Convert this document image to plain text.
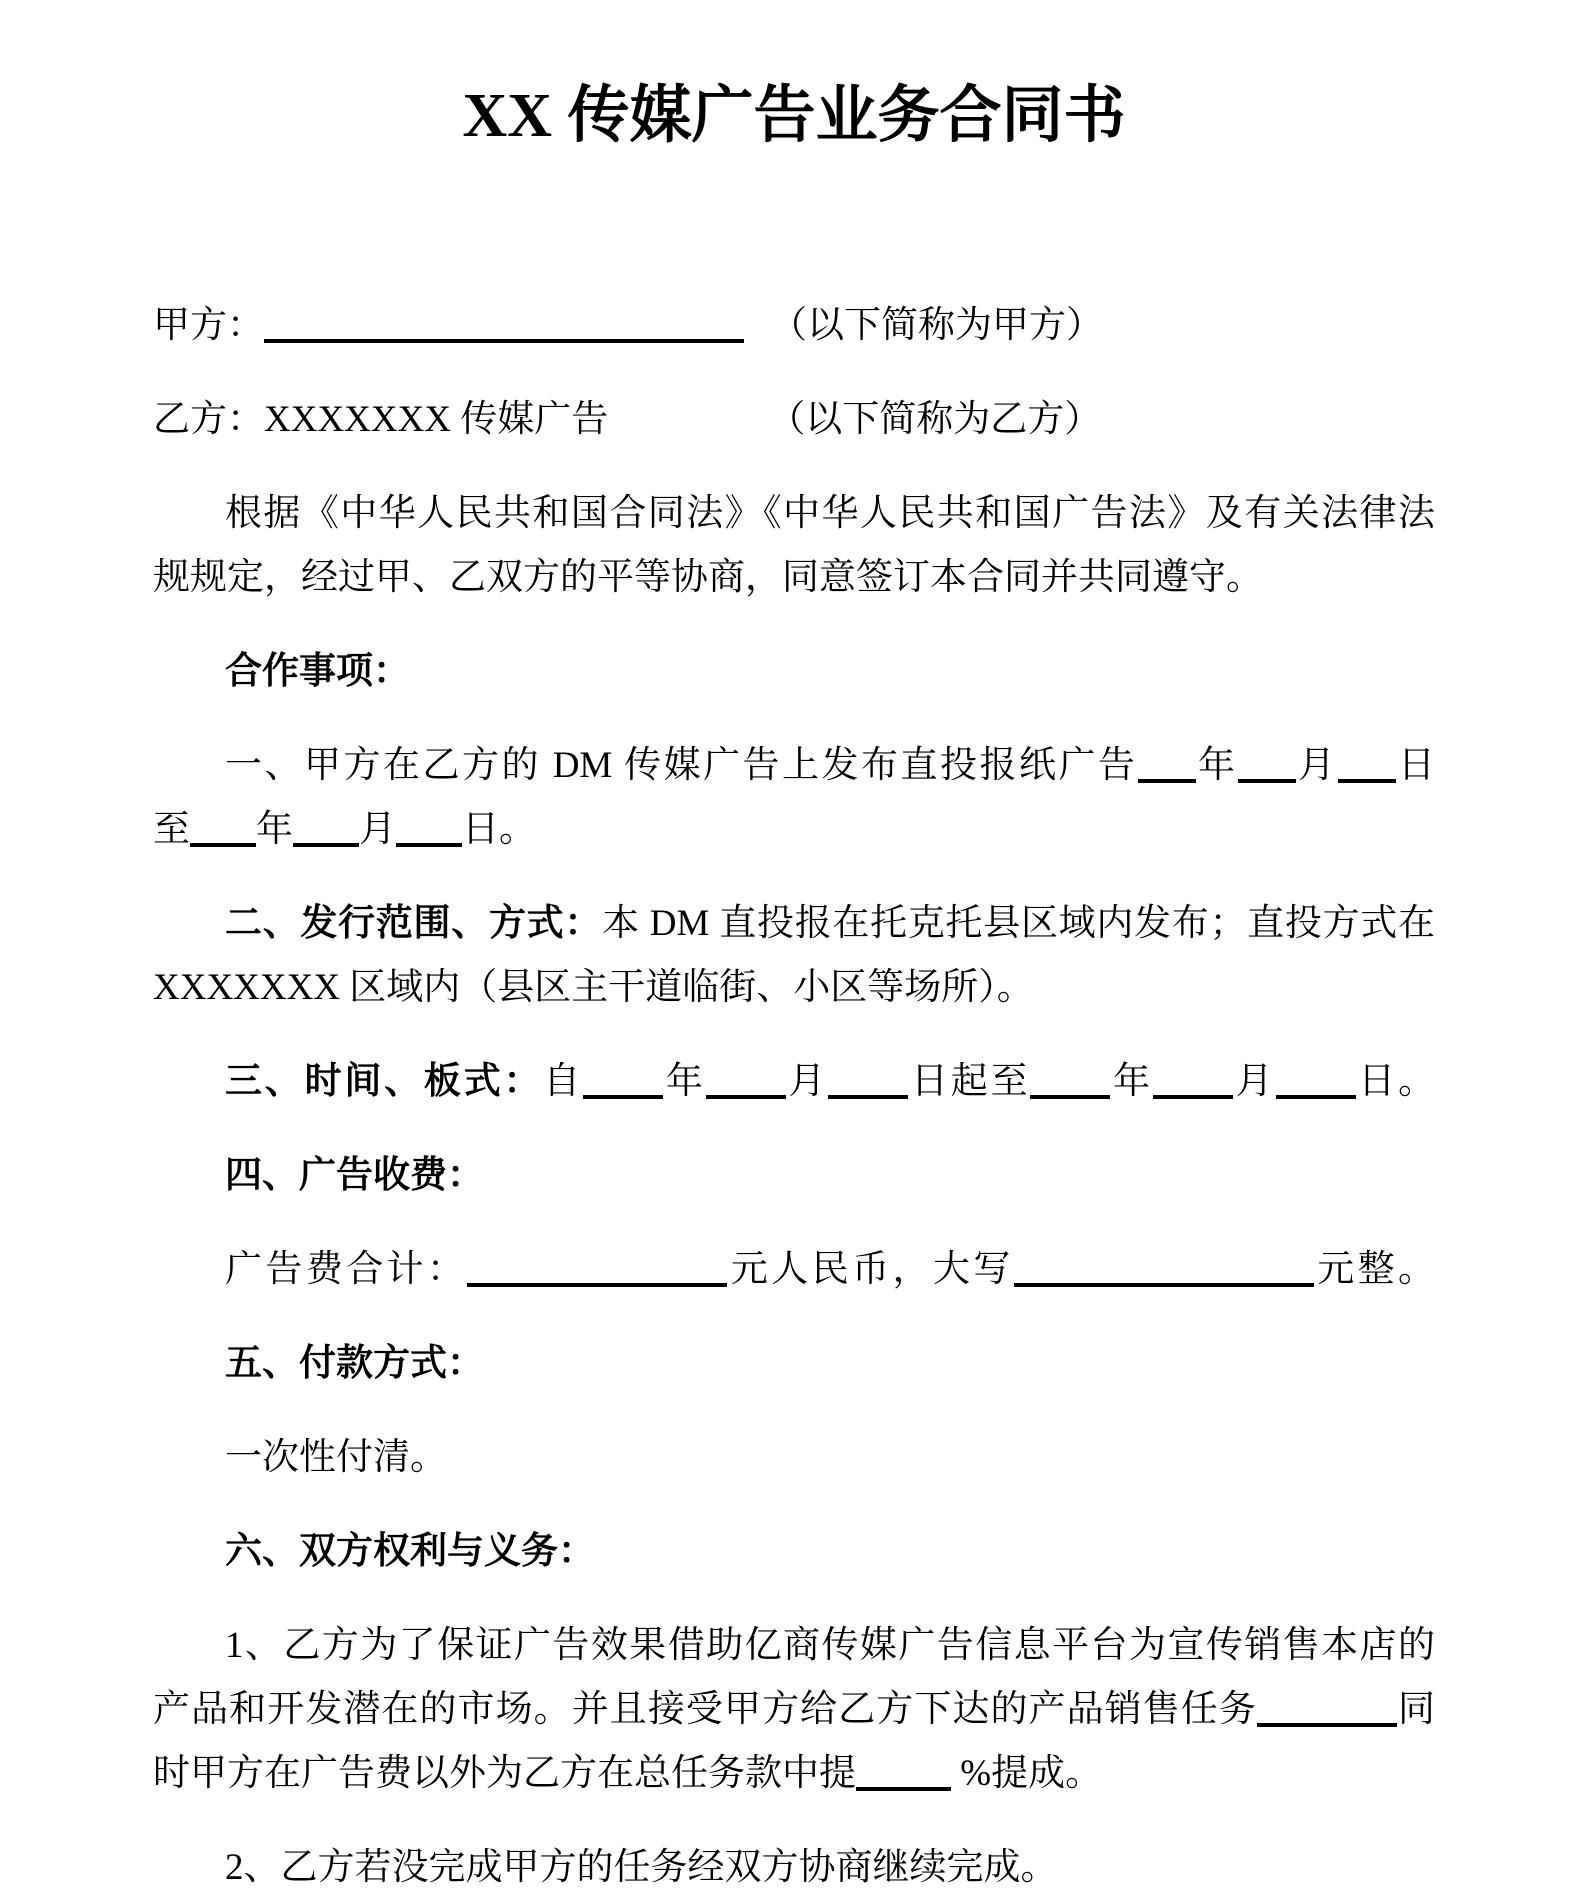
XX 传媒广告业务合同书
甲方：	（以下简称为甲方）
乙方：XXXXXXX 传媒广告	（以下简称为乙方）
根据《中华人民共和国合同法》《中华人民共和国广告法》及有关法律法
规规定，经过甲、乙双方的平等协商，同意签订本合同并共同遵守。
合作事项：
一、甲方在乙方的 DM 传媒广告上发布直投报纸广告 年 月 日
至 年 月 日。
二、发行范围、方式：本 DM 直投报在托克托县区域内发布；直投方式在
XXXXXXX 区域内（县区主干道临街、小区等场所）。
三、时间、板式：自 年 月 日起至 年 月 日。
四、广告收费：
广告费合计：	元人民币，大写	元整。
五、付款方式：
一次性付清。
六、双方权利与义务：
1、乙方为了保证广告效果借助亿商传媒广告信息平台为宣传销售本店的
产品和开发潜在的市场。并且接受甲方给乙方下达的产品销售任务	同
时甲方在广告费以外为乙方在总任务款中提	%提成。
2、乙方若没完成甲方的任务经双方协商继续完成。
